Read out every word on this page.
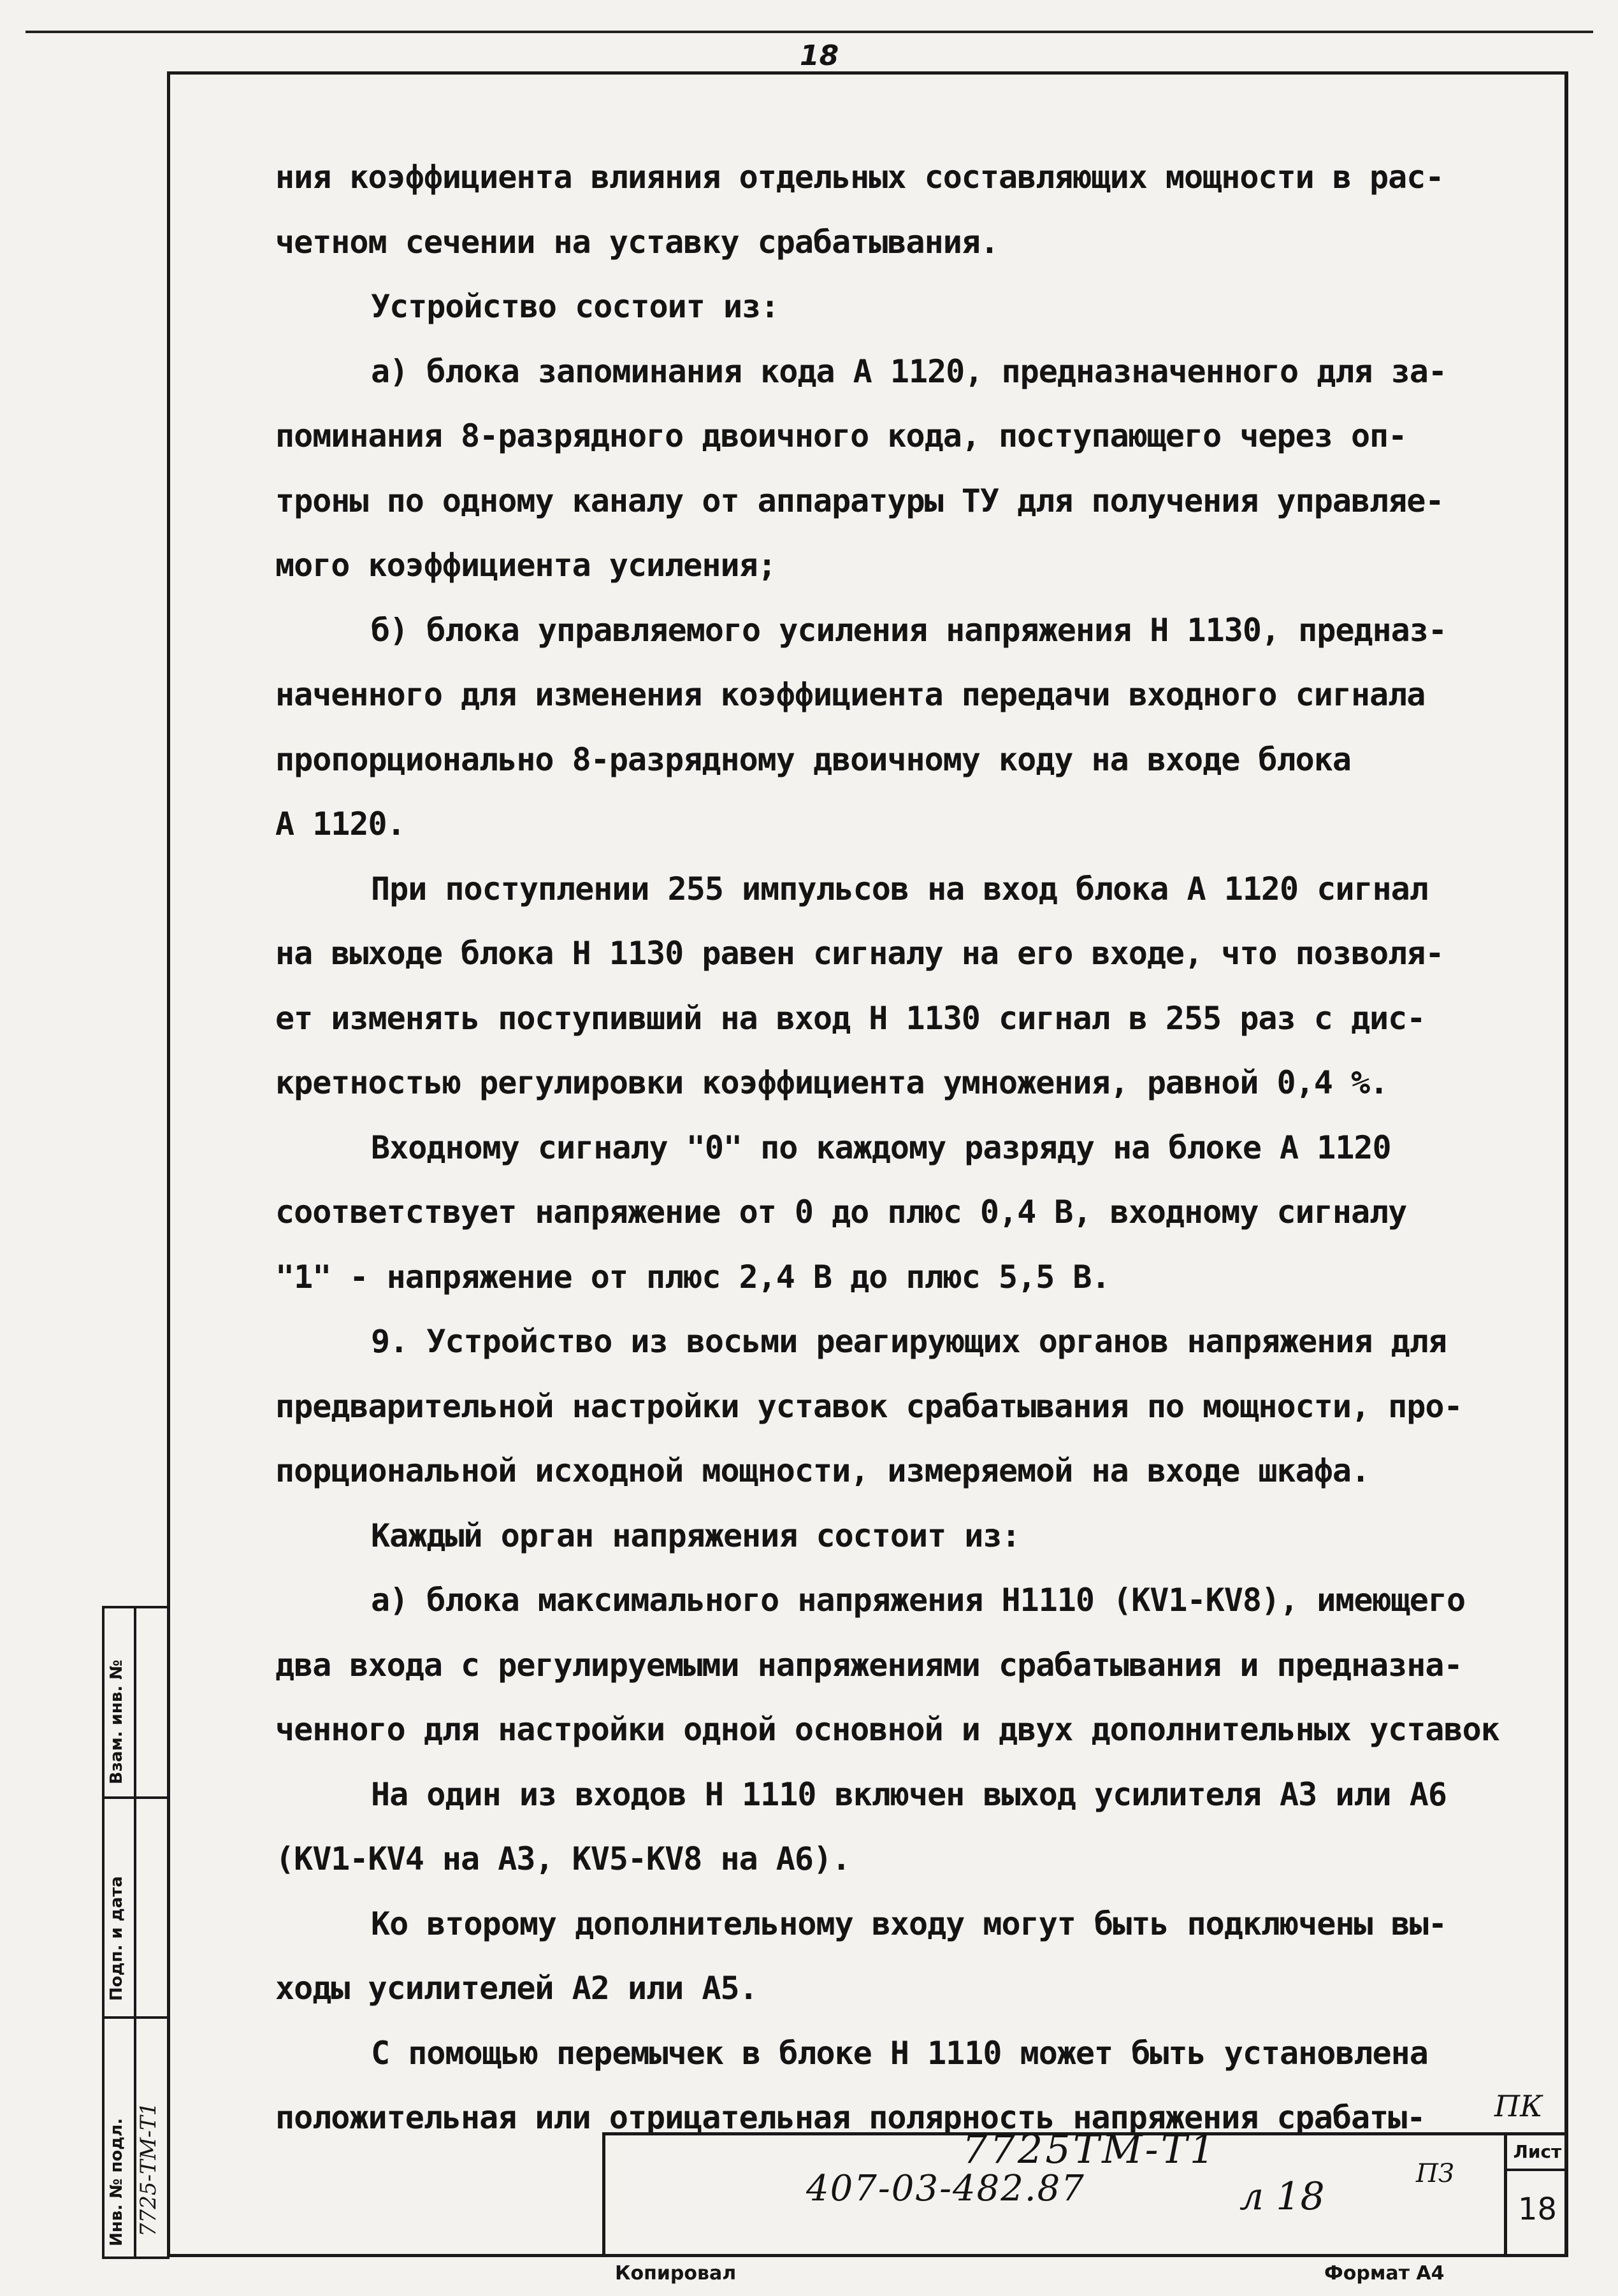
18
ния коэффициента влияния отдельных составляющих мощности в рас-
четном сечении на уставку срабатывания.
Устройство состоит из:
а) блока запоминания кода А 1120, предназначенного для за-
поминания 8-разрядного двоичного кода, поступающего через оп-
троны по одному каналу от аппаратуры ТУ для получения управляе-
мого коэффициента усиления;
б) блока управляемого усиления напряжения Н 1130, предназ-
наченного для изменения коэффициента передачи входного сигнала
пропорционально 8-разрядному двоичному коду на входе блока
А 1120.
При поступлении 255 импульсов на вход блока А 1120 сигнал
на выходе блока Н 1130 равен сигналу на его входе, что позволя-
ет изменять поступивший на вход Н 1130 сигнал в 255 раз с дис-
кретностью регулировки коэффициента умножения, равной 0,4 %.
Входному сигналу "0" по каждому разряду на блоке А 1120
соответствует напряжение от 0 до плюс 0,4 В, входному сигналу
"1" - напряжение от плюс 2,4 В до плюс 5,5 В.
9. Устройство из восьми реагирующих органов напряжения для
предварительной настройки уставок срабатывания по мощности, про-
порциональной исходной мощности, измеряемой на входе шкафа.
Каждый орган напряжения состоит из:
а) блока максимального напряжения Н1110 (KV1-KV8), имеющего
два входа с регулируемыми напряжениями срабатывания и предназна-
ченного для настройки одной основной и двух дополнительных уставок
На один из входов Н 1110 включен выход усилителя А3 или А6
(KV1-KV4 на А3, KV5-KV8 на А6).
Ко второму дополнительному входу могут быть подключены вы-
ходы усилителей А2 или А5.
С помощью перемычек в блоке Н 1110 может быть установлена
положительная или отрицательная полярность напряжения срабаты-	ПК
Инв. № подл.
Подп. и дата
Взам. инв. №
7725-ТМ-Т1	Лист
18
7725ТМ-Т1
407-03-482.87	л 18
ПЗ
Копировал	Формат А4
